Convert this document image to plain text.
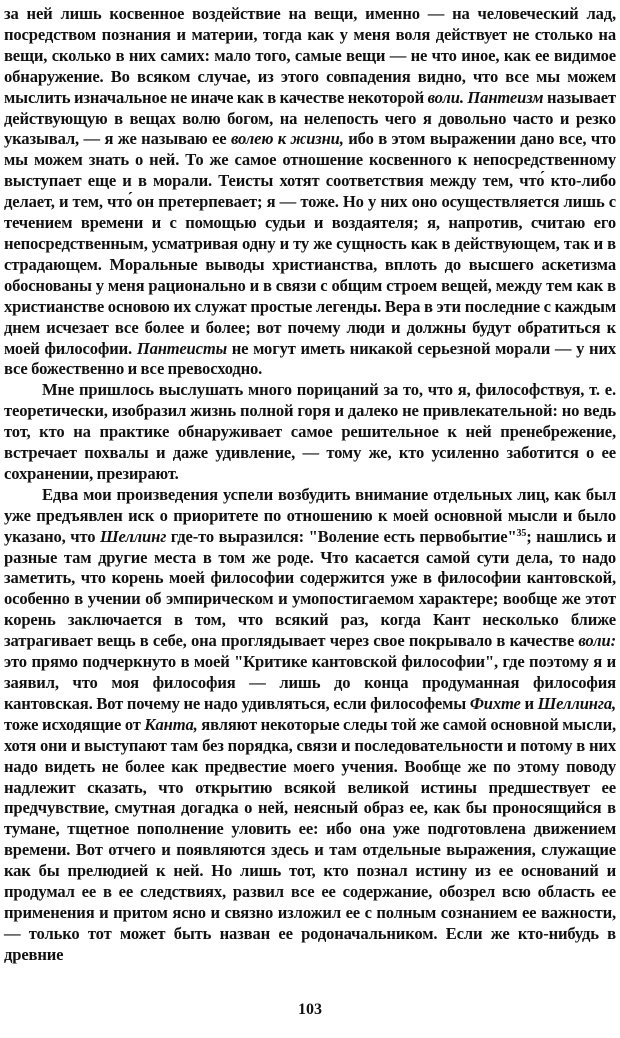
за ней лишь косвенное воздействие на вещи, именно — на человеческий лад, посредством познания и материи, тогда как у меня воля действует не столько на вещи, сколько в них самих: мало того, самые вещи — не что иное, как ее видимое обнаружение. Во всяком случае, из этого совпадения видно, что все мы можем мыслить изначальное не иначе как в качестве некоторой воли. Пантеизм называет действующую в вещах волю богом, на нелепость чего я довольно часто и резко указывал, — я же называю ее волею к жизни, ибо в этом выражении дано все, что мы можем знать о ней. То же самое отношение косвенного к непосредственному выступает еще и в морали. Теисты хотят соответствия между тем, что́ кто-либо делает, и тем, что́ он претерпевает; я — тоже. Но у них оно осуществляется лишь с течением времени и с помощью судьи и воздаятеля; я, напротив, считаю его непосредственным, усматривая одну и ту же сущность как в действующем, так и в страдающем. Моральные выводы христианства, вплоть до высшего аскетизма обоснованы у меня рационально и в связи с общим строем вещей, между тем как в христианстве основою их служат простые легенды. Вера в эти последние с каждым днем исчезает все более и более; вот почему люди и должны будут обратиться к моей философии. Пантеисты не могут иметь никакой серьезной морали — у них все божественно и все превосходно.

Мне пришлось выслушать много порицаний за то, что я, философствуя, т. е. теоретически, изобразил жизнь полной горя и далеко не привлекательной: но ведь тот, кто на практике обнаруживает самое решительное к ней пренебрежение, встречает похвалы и даже удивление, — тому же, кто усиленно заботится о ее сохранении, презирают.

Едва мои произведения успели возбудить внимание отдельных лиц, как был уже предъявлен иск о приоритете по отношению к моей основной мысли и было указано, что Шеллинг где-то выразился: "Воление есть первобытие"$^{35}$; нашлись и разные там другие места в том же роде. Что касается самой сути дела, то надо заметить, что корень моей философии содержится уже в философии кантовской, особенно в учении об эмпирическом и умопостигаемом характере; вообще же этот корень заключается в том, что всякий раз, когда Кант несколько ближе затрагивает вещь в себе, она проглядывает через свое покрывало в качестве воли: это прямо подчеркнуто в моей "Критике кантовской философии", где поэтому я и заявил, что моя философия — лишь до конца продуманная философия кантовская. Вот почему не надо удивляться, если философемы Фихте и Шеллинга, тоже исходящие от Канта, являют некоторые следы той же самой основной мысли, хотя они и выступают там без порядка, связи и последовательности и потому в них надо видеть не более как предвестие моего учения. Вообще же по этому поводу надлежит сказать, что открытию всякой великой истины предшествует ее предчувствие, смутная догадка о ней, неясный образ ее, как бы проносящийся в тумане, тщетное пополнение уловить ее: ибо она уже подготовлена движением времени. Вот отчего и появляются здесь и там отдельные выражения, служащие как бы прелюдией к ней. Но лишь тот, кто познал истину из ее оснований и продумал ее в ее следствиях, развил все ее содержание, обозрел всю область ее применения и притом ясно и связно изложил ее с полным сознанием ее важности, — только тот может быть назван ее родоначальником. Если же кто-нибудь в древние

103
